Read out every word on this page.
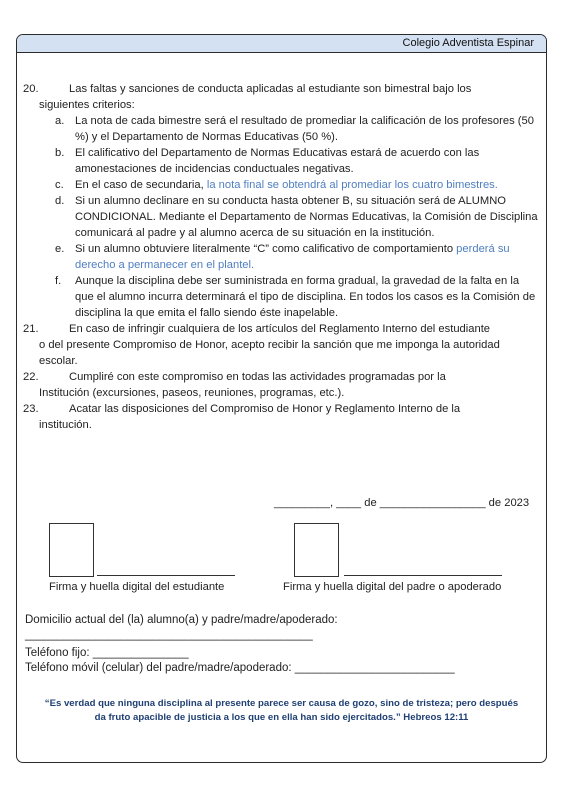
Colegio Adventista Espinar
20.	Las faltas y sanciones de conducta aplicadas al estudiante son bimestral bajo los
siguientes criterios:
a. La nota de cada bimestre será el resultado de promediar la calificación de los profesores (50 %) y el Departamento de Normas Educativas (50 %).
b. El calificativo del Departamento de Normas Educativas estará de acuerdo con las amonestaciones de incidencias conductuales negativas.
c. En el caso de secundaria, la nota final se obtendrá al promediar los cuatro bimestres.
d. Si un alumno declinare en su conducta hasta obtener B, su situación será de ALUMNO CONDICIONAL. Mediante el Departamento de Normas Educativas, la Comisión de Disciplina comunicará al padre y al alumno acerca de su situación en la institución.
e. Si un alumno obtuviere literalmente “C” como calificativo de comportamiento perderá su derecho a permanecer en el plantel.
f. Aunque la disciplina debe ser suministrada en forma gradual, la gravedad de la falta en la que el alumno incurra determinará el tipo de disciplina. En todos los casos es la Comisión de disciplina la que emita el fallo siendo éste inapelable.
21.	En caso de infringir cualquiera de los artículos del Reglamento Interno del estudiante
o del presente Compromiso de Honor, acepto recibir la sanción que me imponga la autoridad escolar.
22.	Cumpliré con este compromiso en todas las actividades programadas por la
Institución (excursiones, paseos, reuniones, programas, etc.).
23.	Acatar las disposiciones del Compromiso de Honor y Reglamento Interno de la
institución.
_________, ____ de _________________ de 2023
Firma y huella digital del estudiante	Firma y huella digital del padre o apoderado
Domicilio actual del (la) alumno(a) y padre/madre/apoderado:
_____________________________________________
Teléfono fijo: _______________
Teléfono móvil (celular) del padre/madre/apoderado: _________________________
“Es verdad que ninguna disciplina al presente parece ser causa de gozo, sino de tristeza; pero después
da fruto apacible de justicia a los que en ella han sido ejercitados.” Hebreos 12:11
